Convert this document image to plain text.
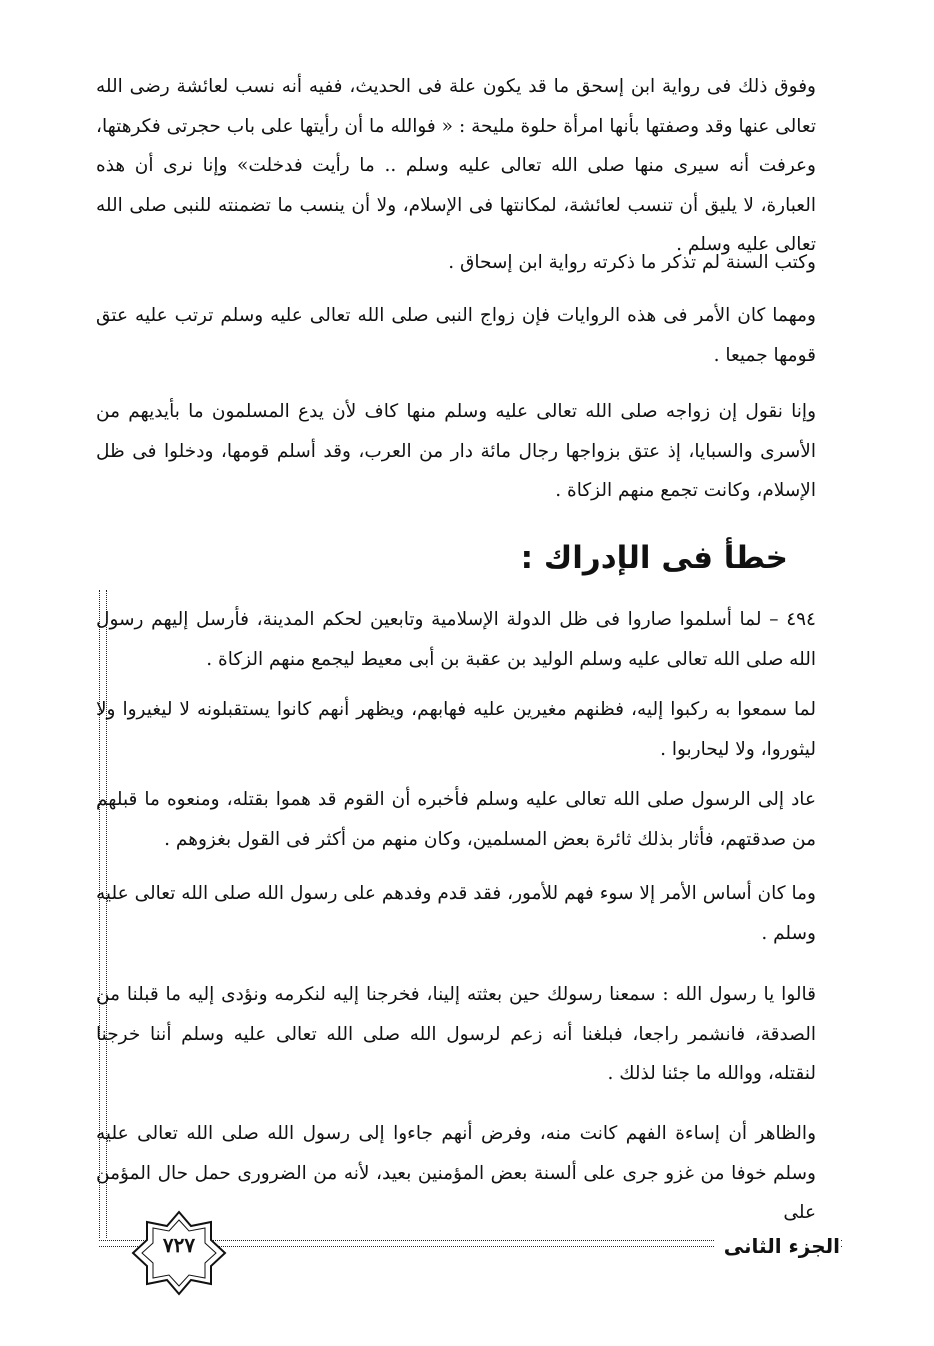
وفوق ذلك فى رواية ابن إسحق ما قد يكون علة فى الحديث، ففيه أنه نسب لعائشة رضى الله تعالى عنها وقد وصفتها بأنها امرأة حلوة مليحة : « فوالله ما أن رأيتها على باب حجرتى فكرهتها، وعرفت أنه سيرى منها صلى الله تعالى عليه وسلم .. ما رأيت فدخلت» وإنا نرى أن هذه العبارة، لا يليق أن تنسب لعائشة، لمكانتها فى الإسلام، ولا أن ينسب ما تضمنته للنبى صلى الله تعالى عليه وسلم .

وكتب السنة لم تذكر ما ذكرته رواية ابن إسحاق .

ومهما كان الأمر فى هذه الروايات فإن زواج النبى صلى الله تعالى عليه وسلم ترتب عليه عتق قومها جميعا .

وإنا نقول إن زواجه صلى الله تعالى عليه وسلم منها كاف لأن يدع المسلمون ما بأيديهم من الأسرى والسبايا، إذ عتق بزواجها رجال مائة دار من العرب، وقد أسلم قومها، ودخلوا فى ظل الإسلام، وكانت تجمع منهم الزكاة .

خطأ فى الإدراك :

٤٩٤ – لما أسلموا صاروا فى ظل الدولة الإسلامية وتابعين لحكم المدينة، فأرسل إليهم رسول الله صلى الله تعالى عليه وسلم الوليد بن عقبة بن أبى معيط ليجمع منهم الزكاة .

لما سمعوا به ركبوا إليه، فظنهم مغيرين عليه فهابهم، ويظهر أنهم كانوا يستقبلونه لا ليغيروا ولا ليثوروا، ولا ليحاربوا .

عاد إلى الرسول صلى الله تعالى عليه وسلم فأخبره أن القوم قد هموا بقتله، ومنعوه ما قبلهم من صدقتهم، فأثار بذلك ثائرة بعض المسلمين، وكان منهم من أكثر فى القول بغزوهم .

وما كان أساس الأمر إلا سوء فهم للأمور، فقد قدم وفدهم على رسول الله صلى الله تعالى عليه وسلم .

قالوا يا رسول الله : سمعنا رسولك حين بعثته إلينا، فخرجنا إليه لنكرمه ونؤدى إليه ما قبلنا من الصدقة، فانشمر راجعا، فبلغنا أنه زعم لرسول الله صلى الله تعالى عليه وسلم أننا خرجنا لنقتله، ووالله ما جئنا لذلك .

والظاهر أن إساءة الفهم كانت منه، وفرض أنهم جاءوا إلى رسول الله صلى الله تعالى عليه وسلم خوفا من غزو جرى على ألسنة بعض المؤمنين بعيد، لأنه من الضرورى حمل حال المؤمن على

٧٢٧	الجزء الثانى
